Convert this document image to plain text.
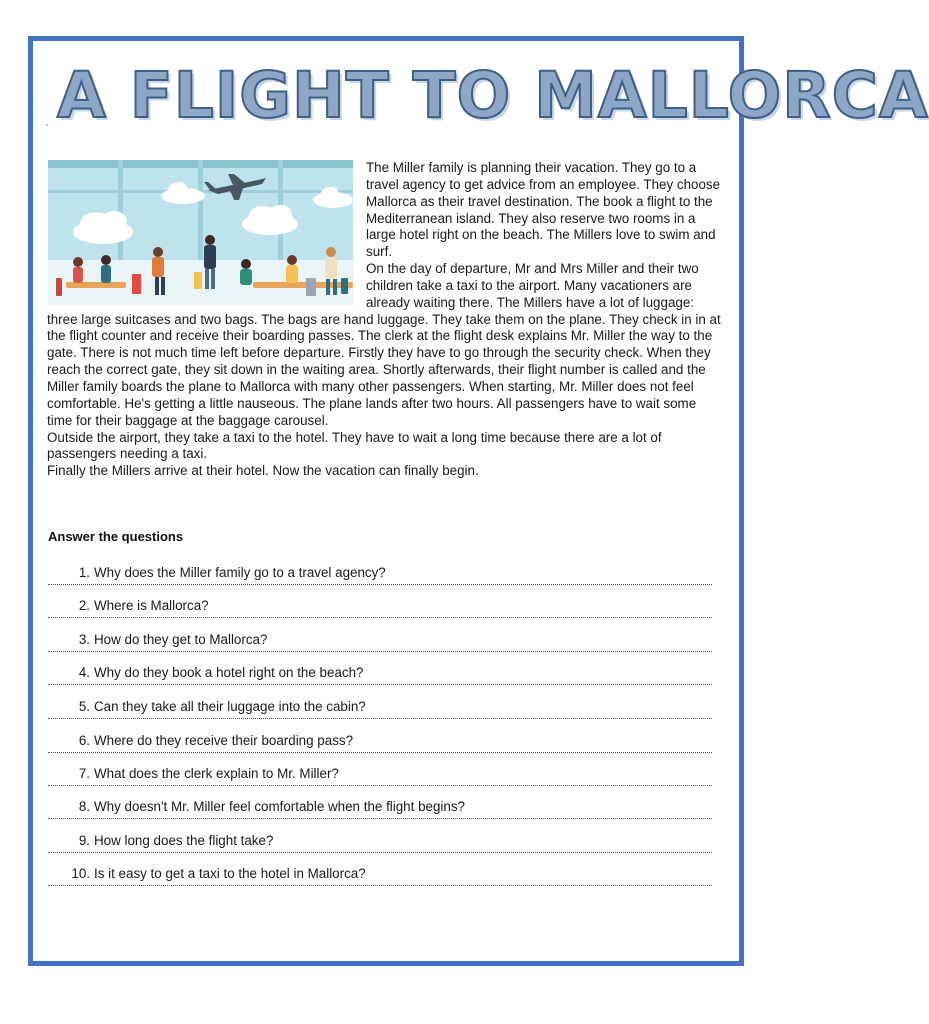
A FLIGHT TO MALLORCA
´

The Miller family is planning their vacation. They go to a travel agency to get advice from an employee. They choose Mallorca as their travel destination. The book a flight to the Mediterranean island. They also reserve two rooms in a large hotel right on the beach. The Millers love to swim and surf.

On the day of departure, Mr and Mrs Miller and their two children take a taxi to the airport. Many vacationers are already waiting there. The Millers have a lot of luggage: three large suitcases and two bags. The bags are hand luggage. They take them on the plane. They check in in at the flight counter and receive their boarding passes. The clerk at the flight desk explains Mr. Miller the way to the gate. There is not much time left before departure. Firstly they have to go through the security check. When they reach the correct gate, they sit down in the waiting area. Shortly afterwards, their flight number is called and the Miller family boards the plane to Mallorca with many other passengers. When starting, Mr. Miller does not feel comfortable. He's getting a little nauseous. The plane lands after two hours. All passengers have to wait some time for their baggage at the baggage carousel.

Outside the airport, they take a taxi to the hotel. They have to wait a long time because there are a lot of passengers needing a taxi.

Finally the Millers arrive at their hotel. Now the vacation can finally begin.

Answer the questions
1. Why does the Miller family go to a travel agency?
2. Where is Mallorca?
3. How do they get to Mallorca?
4. Why do they book a hotel right on the beach?
5. Can they take all their luggage into the cabin?
6. Where do they receive their boarding pass?
7. What does the clerk explain to Mr. Miller?
8. Why doesn't Mr. Miller feel comfortable when the flight begins?
9. How long does the flight take?
10. Is it easy to get a taxi to the hotel in Mallorca?
